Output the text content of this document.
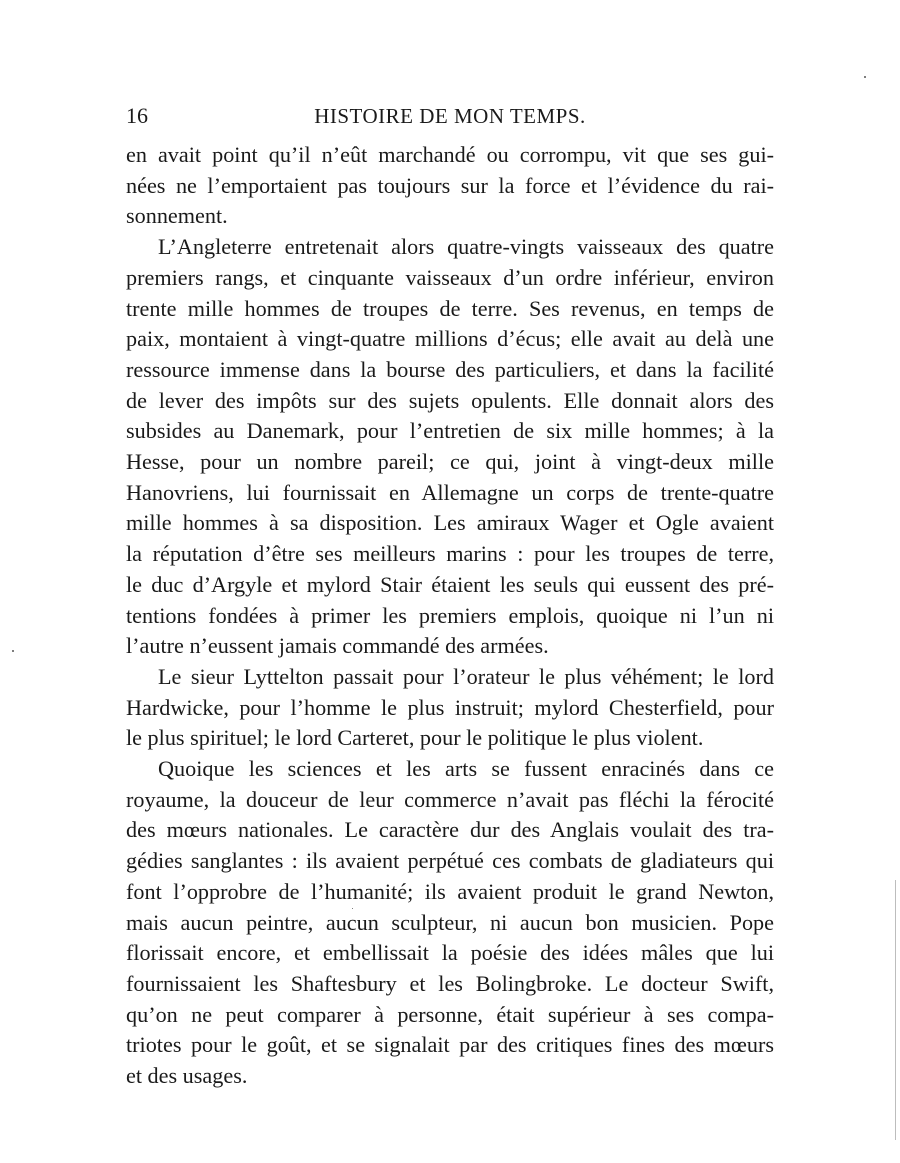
16	HISTOIRE DE MON TEMPS.

en avait point qu’il n’eût marchandé ou corrompu, vit que ses gui-
nées ne l’emportaient pas toujours sur la force et l’évidence du rai-
sonnement.

L’Angleterre entretenait alors quatre-vingts vaisseaux des quatre
premiers rangs, et cinquante vaisseaux d’un ordre inférieur, environ
trente mille hommes de troupes de terre. Ses revenus, en temps de
paix, montaient à vingt-quatre millions d’écus; elle avait au delà une
ressource immense dans la bourse des particuliers, et dans la facilité
de lever des impôts sur des sujets opulents. Elle donnait alors des
subsides au Danemark, pour l’entretien de six mille hommes; à la
Hesse, pour un nombre pareil; ce qui, joint à vingt-deux mille
Hanovriens, lui fournissait en Allemagne un corps de trente-quatre
mille hommes à sa disposition. Les amiraux Wager et Ogle avaient
la réputation d’être ses meilleurs marins : pour les troupes de terre,
le duc d’Argyle et mylord Stair étaient les seuls qui eussent des pré-
tentions fondées à primer les premiers emplois, quoique ni l’un ni
l’autre n’eussent jamais commandé des armées.

Le sieur Lyttelton passait pour l’orateur le plus véhément; le lord
Hardwicke, pour l’homme le plus instruit; mylord Chesterfield, pour
le plus spirituel; le lord Carteret, pour le politique le plus violent.

Quoique les sciences et les arts se fussent enracinés dans ce
royaume, la douceur de leur commerce n’avait pas fléchi la férocité
des mœurs nationales. Le caractère dur des Anglais voulait des tra-
gédies sanglantes : ils avaient perpétué ces combats de gladiateurs qui
font l’opprobre de l’humanité; ils avaient produit le grand Newton,
mais aucun peintre, aucun sculpteur, ni aucun bon musicien. Pope
florissait encore, et embellissait la poésie des idées mâles que lui
fournissaient les Shaftesbury et les Bolingbroke. Le docteur Swift,
qu’on ne peut comparer à personne, était supérieur à ses compa-
triotes pour le goût, et se signalait par des critiques fines des mœurs
et des usages.
